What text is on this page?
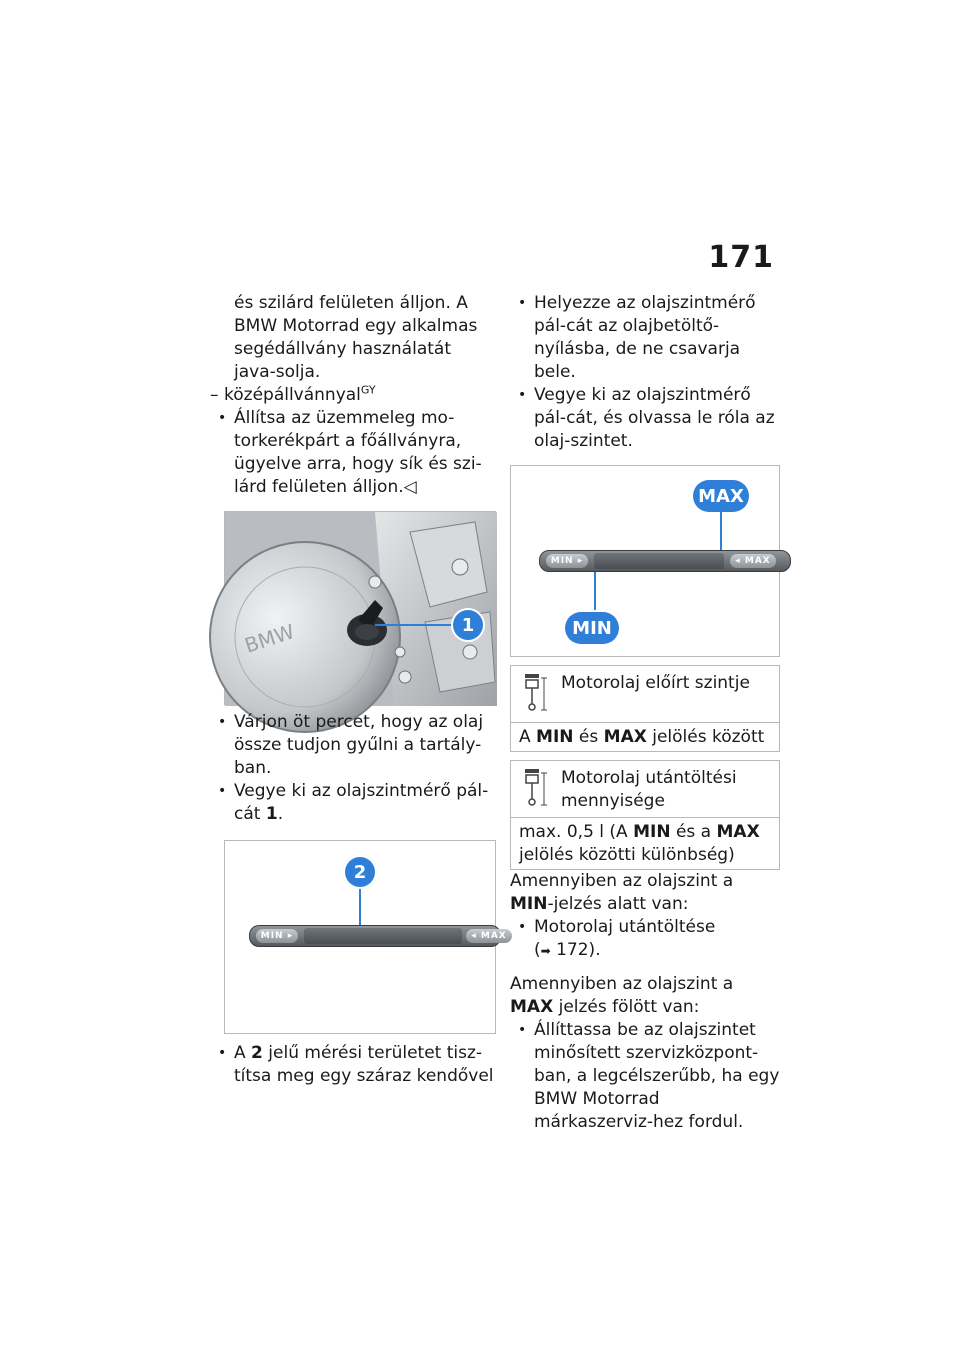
171

és szilárd felületen álljon. A BMW Motorrad egy alkalmas segédállvány használatát java-solja.

– középállvánnyal$^{GY}$

• Állítsa az üzemmeleg mo-torkerékpárt a főállványra, ügyelve arra, hogy sík és szi-lárd felületen álljon.◁

BMW	1

• Várjon öt percet, hogy az olaj össze tudjon gyűlni a tartály-ban.

• Vegye ki az olajszintmérő pál-cát 1.

2
MIN ▸	◂ MAX

• A 2 jelű mérési területet tisz-títsa meg egy száraz kendővel

• Helyezze az olajszintmérő pál-cát az olajbetöltő-nyílásba, de ne csavarja bele.

• Vegye ki az olajszintmérő pál-cát, és olvassa le róla az olaj-szintet.

MAX
MIN ▸	◂ MAX
MIN
Motorolaj előírt szintje
A MIN és MAX jelölés között
Motorolaj utántöltési mennyisége
max. 0,5 l (A MIN és a MAX jelölés közötti különbség)

Amennyiben az olajszint a MIN-jelzés alatt van:

• Motorolaj utántöltése
(➡ 172).

Amennyiben az olajszint a MAX jelzés fölött van:

• Állíttassa be az olajszintet minősített szervizközpont-ban, a legcélszerűbb, ha egy BMW Motorrad márkaszerviz-hez fordul.
